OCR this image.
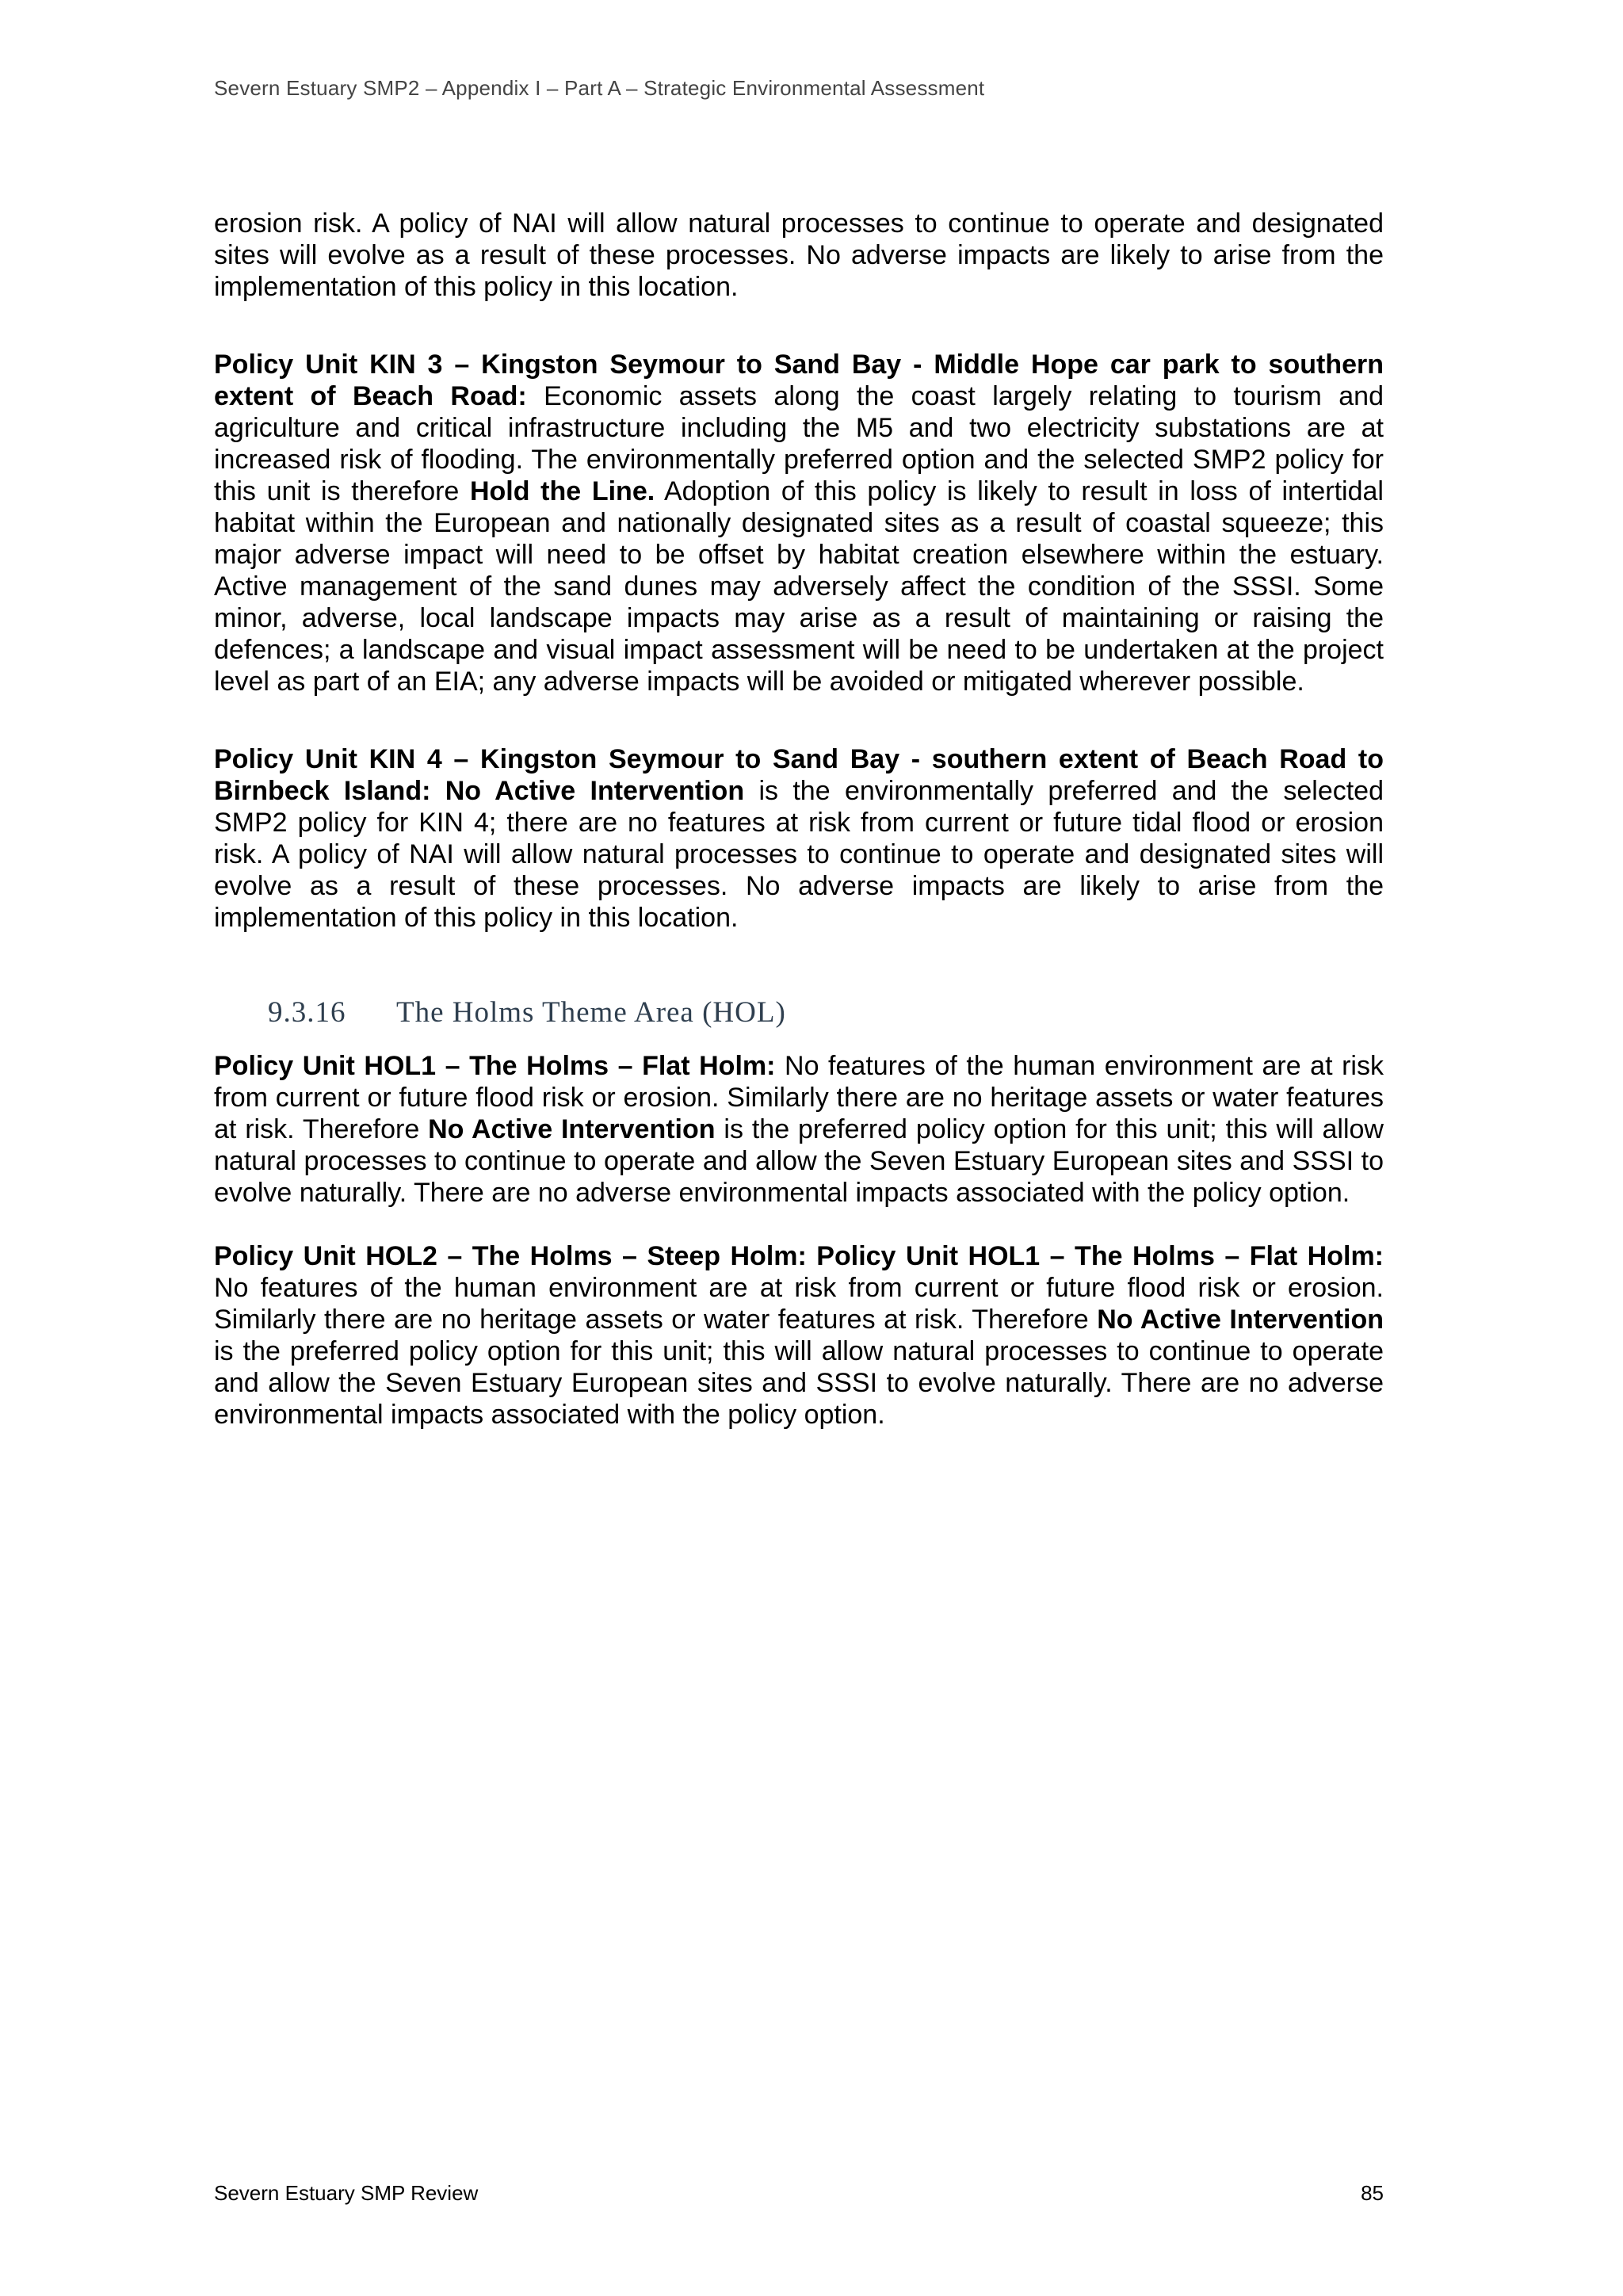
Severn Estuary SMP2 – Appendix I – Part A – Strategic Environmental Assessment

erosion risk. A policy of NAI will allow natural processes to continue to operate and designated sites will evolve as a result of these processes. No adverse impacts are likely to arise from the implementation of this policy in this location.

Policy Unit KIN 3 – Kingston Seymour to Sand Bay - Middle Hope car park to southern extent of Beach Road: Economic assets along the coast largely relating to tourism and agriculture and critical infrastructure including the M5 and two electricity substations are at increased risk of flooding. The environmentally preferred option and the selected SMP2 policy for this unit is therefore Hold the Line. Adoption of this policy is likely to result in loss of intertidal habitat within the European and nationally designated sites as a result of coastal squeeze; this major adverse impact will need to be offset by habitat creation elsewhere within the estuary. Active management of the sand dunes may adversely affect the condition of the SSSI. Some minor, adverse, local landscape impacts may arise as a result of maintaining or raising the defences; a landscape and visual impact assessment will be need to be undertaken at the project level as part of an EIA; any adverse impacts will be avoided or mitigated wherever possible.

Policy Unit KIN 4 – Kingston Seymour to Sand Bay - southern extent of Beach Road to Birnbeck Island: No Active Intervention is the environmentally preferred and the selected SMP2 policy for KIN 4; there are no features at risk from current or future tidal flood or erosion risk. A policy of NAI will allow natural processes to continue to operate and designated sites will evolve as a result of these processes. No adverse impacts are likely to arise from the implementation of this policy in this location.

9.3.16	The Holms Theme Area (HOL)

Policy Unit HOL1 – The Holms – Flat Holm: No features of the human environment are at risk from current or future flood risk or erosion. Similarly there are no heritage assets or water features at risk. Therefore No Active Intervention is the preferred policy option for this unit; this will allow natural processes to continue to operate and allow the Seven Estuary European sites and SSSI to evolve naturally. There are no adverse environmental impacts associated with the policy option.

Policy Unit HOL2 – The Holms – Steep Holm: Policy Unit HOL1 – The Holms – Flat Holm: No features of the human environment are at risk from current or future flood risk or erosion. Similarly there are no heritage assets or water features at risk. Therefore No Active Intervention is the preferred policy option for this unit; this will allow natural processes to continue to operate and allow the Seven Estuary European sites and SSSI to evolve naturally. There are no adverse environmental impacts associated with the policy option.

Severn Estuary SMP Review	85
